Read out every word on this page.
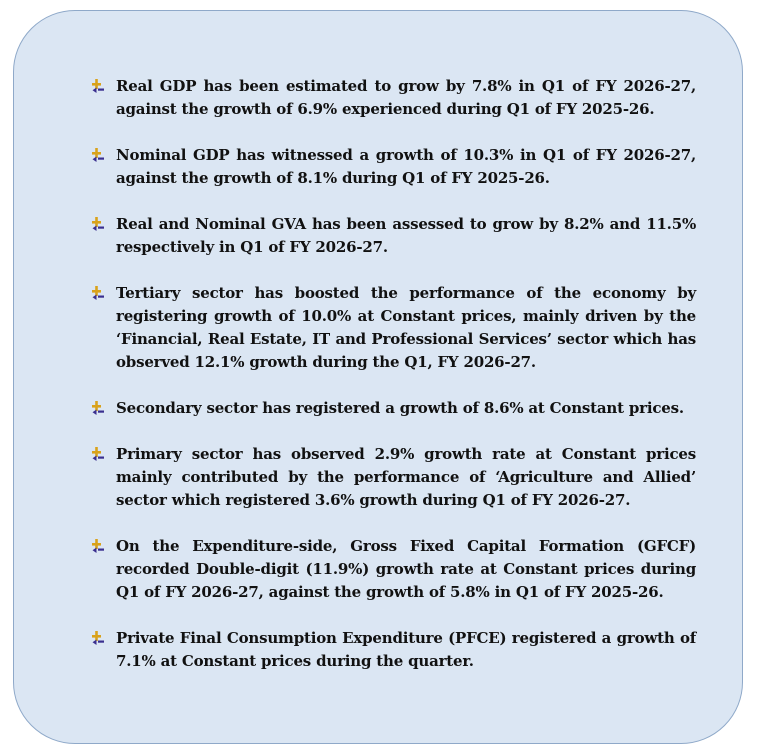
Real GDP has been estimated to grow by 7.8% in Q1 of FY 2026-27, against the growth of 6.9% experienced during Q1 of FY 2025-26.
Nominal GDP has witnessed a growth of 10.3% in Q1 of FY 2026-27, against the growth of 8.1% during Q1 of FY 2025-26.
Real and Nominal GVA has been assessed to grow by 8.2% and 11.5% respectively in Q1 of FY 2026-27.
Tertiary sector has boosted the performance of the economy by registering growth of 10.0% at Constant prices, mainly driven by the ‘Financial, Real Estate, IT and Professional Services’ sector which has observed 12.1% growth during the Q1, FY 2026-27.
Secondary sector has registered a growth of 8.6% at Constant prices.
Primary sector has observed 2.9% growth rate at Constant prices mainly contributed by the performance of ‘Agriculture and Allied’ sector which registered 3.6% growth during Q1 of FY 2026-27.
On the Expenditure-side, Gross Fixed Capital Formation (GFCF) recorded Double-digit (11.9%) growth rate at Constant prices during Q1 of FY 2026-27, against the growth of 5.8% in Q1 of FY 2025-26.
Private Final Consumption Expenditure (PFCE) registered a growth of 7.1% at Constant prices during the quarter.
